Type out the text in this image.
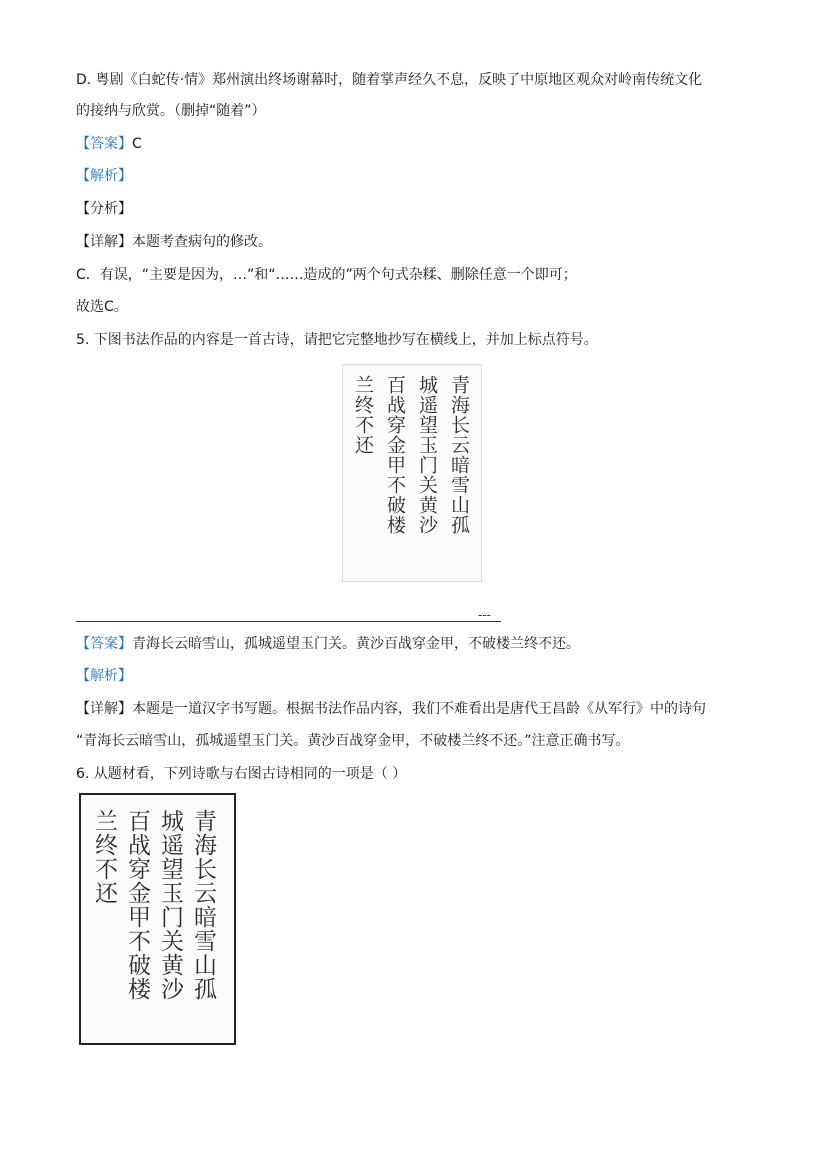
D. 粤剧《白蛇传·情》郑州演出终场谢幕时，随着掌声经久不息，反映了中原地区观众对岭南传统文化
的接纳与欣赏。（删掉“随着”）
【答案】C
【解析】
【分析】
【详解】本题考查病句的修改。
C．有误，“主要是因为，…”和“……造成的”两个句式杂糅、删除任意一个即可；
故选C。
5. 下图书法作品的内容是一首古诗，请把它完整地抄写在横线上，并加上标点符号。
青海长云暗雪山孤
城遥望玉门关黄沙
百战穿金甲不破楼
兰终不还
---
【答案】青海长云暗雪山，孤城遥望玉门关。黄沙百战穿金甲，不破楼兰终不还。
【解析】
【详解】本题是一道汉字书写题。根据书法作品内容，我们不难看出是唐代王昌龄《从军行》中的诗句
“青海长云暗雪山，孤城遥望玉门关。黄沙百战穿金甲，不破楼兰终不还。”注意正确书写。
6. 从题材看，下列诗歌与右图古诗相同的一项是（ ）
青海长云暗雪山孤
城遥望玉门关黄沙
百战穿金甲不破楼
兰终不还
